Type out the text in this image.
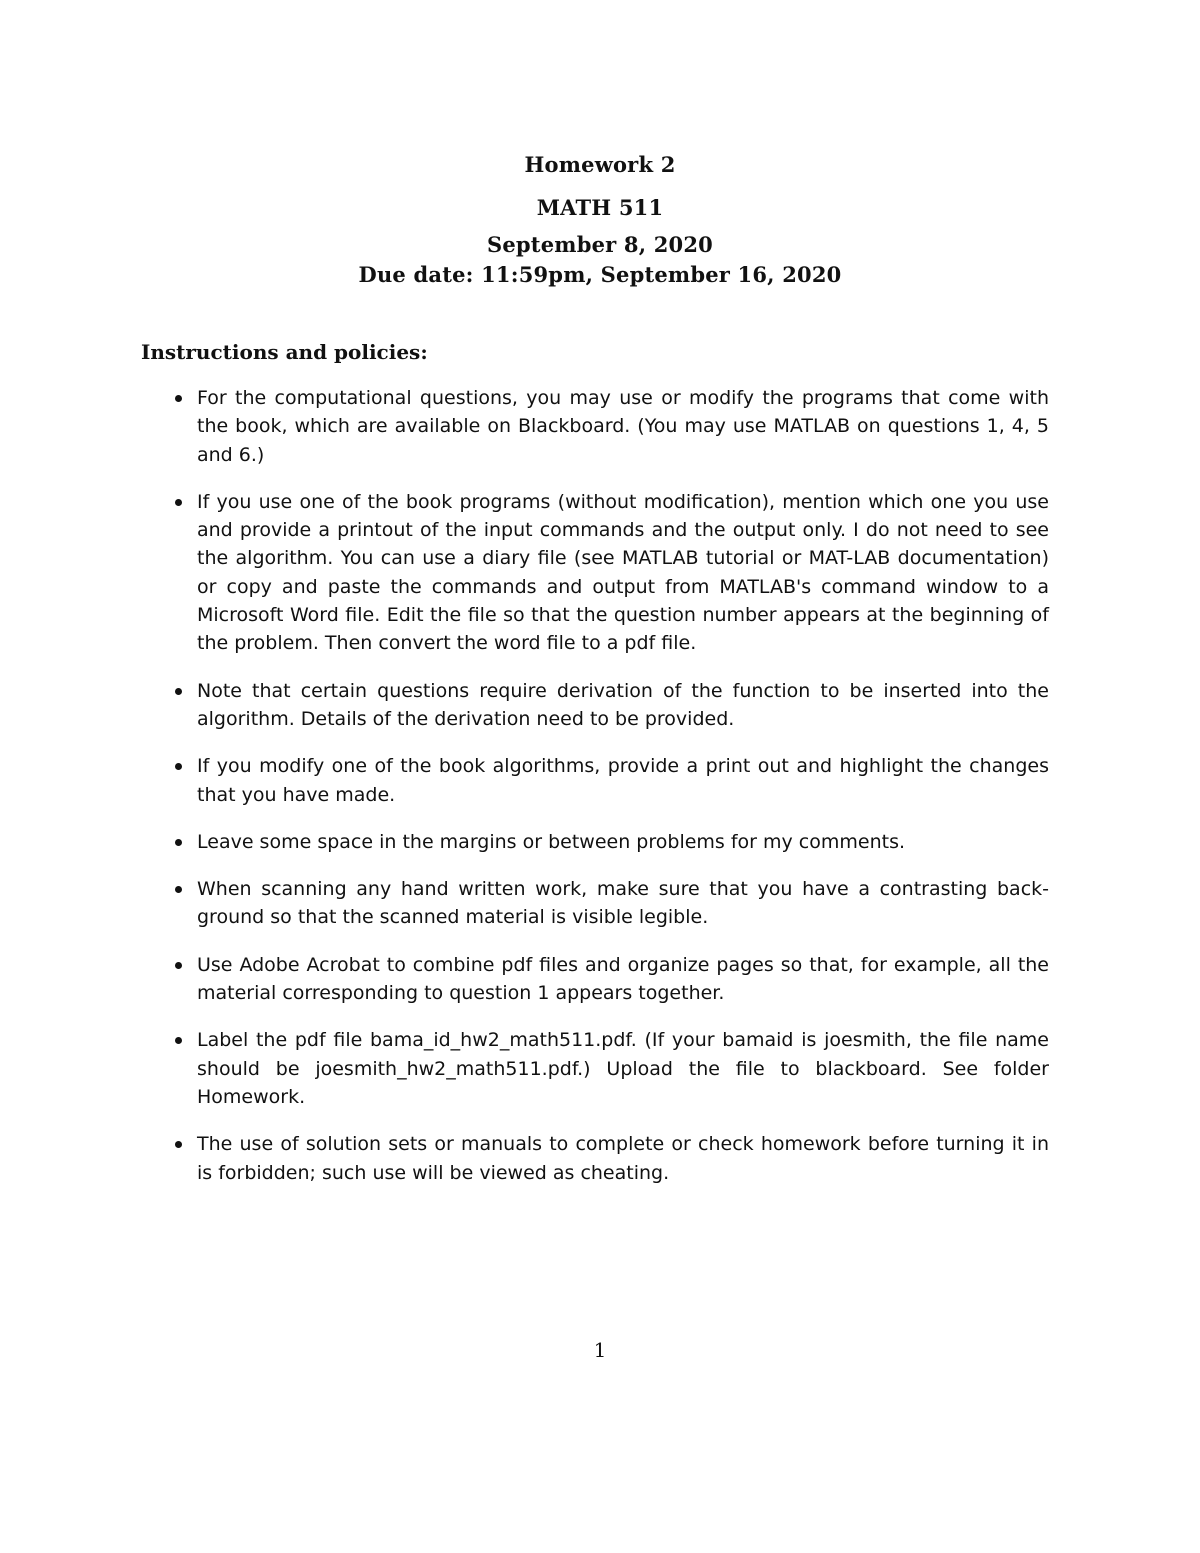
Homework 2
MATH 511
September 8, 2020
Due date: 11:59pm, September 16, 2020
Instructions and policies:
For the computational questions, you may use or modify the programs that come with the book, which are available on Blackboard. (You may use MATLAB on questions 1, 4, 5 and 6.)
If you use one of the book programs (without modification), mention which one you use and provide a printout of the input commands and the output only. I do not need to see the algorithm. You can use a diary file (see MATLAB tutorial or MAT-LAB documentation) or copy and paste the commands and output from MATLAB's command window to a Microsoft Word file. Edit the file so that the question number appears at the beginning of the problem. Then convert the word file to a pdf file.
Note that certain questions require derivation of the function to be inserted into the algorithm. Details of the derivation need to be provided.
If you modify one of the book algorithms, provide a print out and highlight the changes that you have made.
Leave some space in the margins or between problems for my comments.
When scanning any hand written work, make sure that you have a contrasting back-ground so that the scanned material is visible legible.
Use Adobe Acrobat to combine pdf files and organize pages so that, for example, all the material corresponding to question 1 appears together.
Label the pdf file bama_id_hw2_math511.pdf. (If your bamaid is joesmith, the file name should be joesmith_hw2_math511.pdf.) Upload the file to blackboard. See folder Homework.
The use of solution sets or manuals to complete or check homework before turning it in is forbidden; such use will be viewed as cheating.
1
